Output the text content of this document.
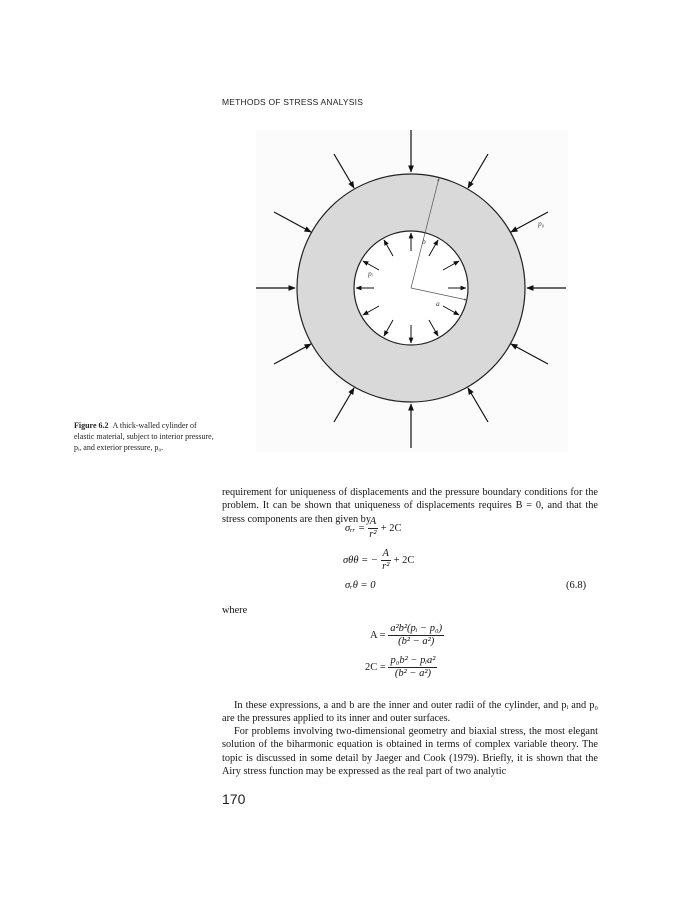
METHODS OF STRESS ANALYSIS
b
a
pᵢ
p₀
Figure 6.2 A thick-walled cylinder of elastic material, subject to interior pressure, pᵢ, and exterior pressure, p₀.
requirement for uniqueness of displacements and the pressure boundary conditions for the problem. It can be shown that uniqueness of displacements requires B = 0, and that the stress components are then given by
σᵣᵣ = $\frac{A}{\text{r²}} + 2C$
σθθ = − $\frac{A}{\text{r²}} + 2C$
σᵣθ = 0	(6.8)
where
$A = \frac{\text{a²b²(pᵢ − p₀)}}{\text{(b² − a²)}}$
$2C = \frac{\text{p₀b² − pᵢa²}}{\text{(b² − a²)}}$
In these expressions, a and b are the inner and outer radii of the cylinder, and pᵢ and p₀ are the pressures applied to its inner and outer surfaces.
For problems involving two-dimensional geometry and biaxial stress, the most elegant solution of the biharmonic equation is obtained in terms of complex variable theory. The topic is discussed in some detail by Jaeger and Cook (1979). Briefly, it is shown that the Airy stress function may be expressed as the real part of two analytic
170
